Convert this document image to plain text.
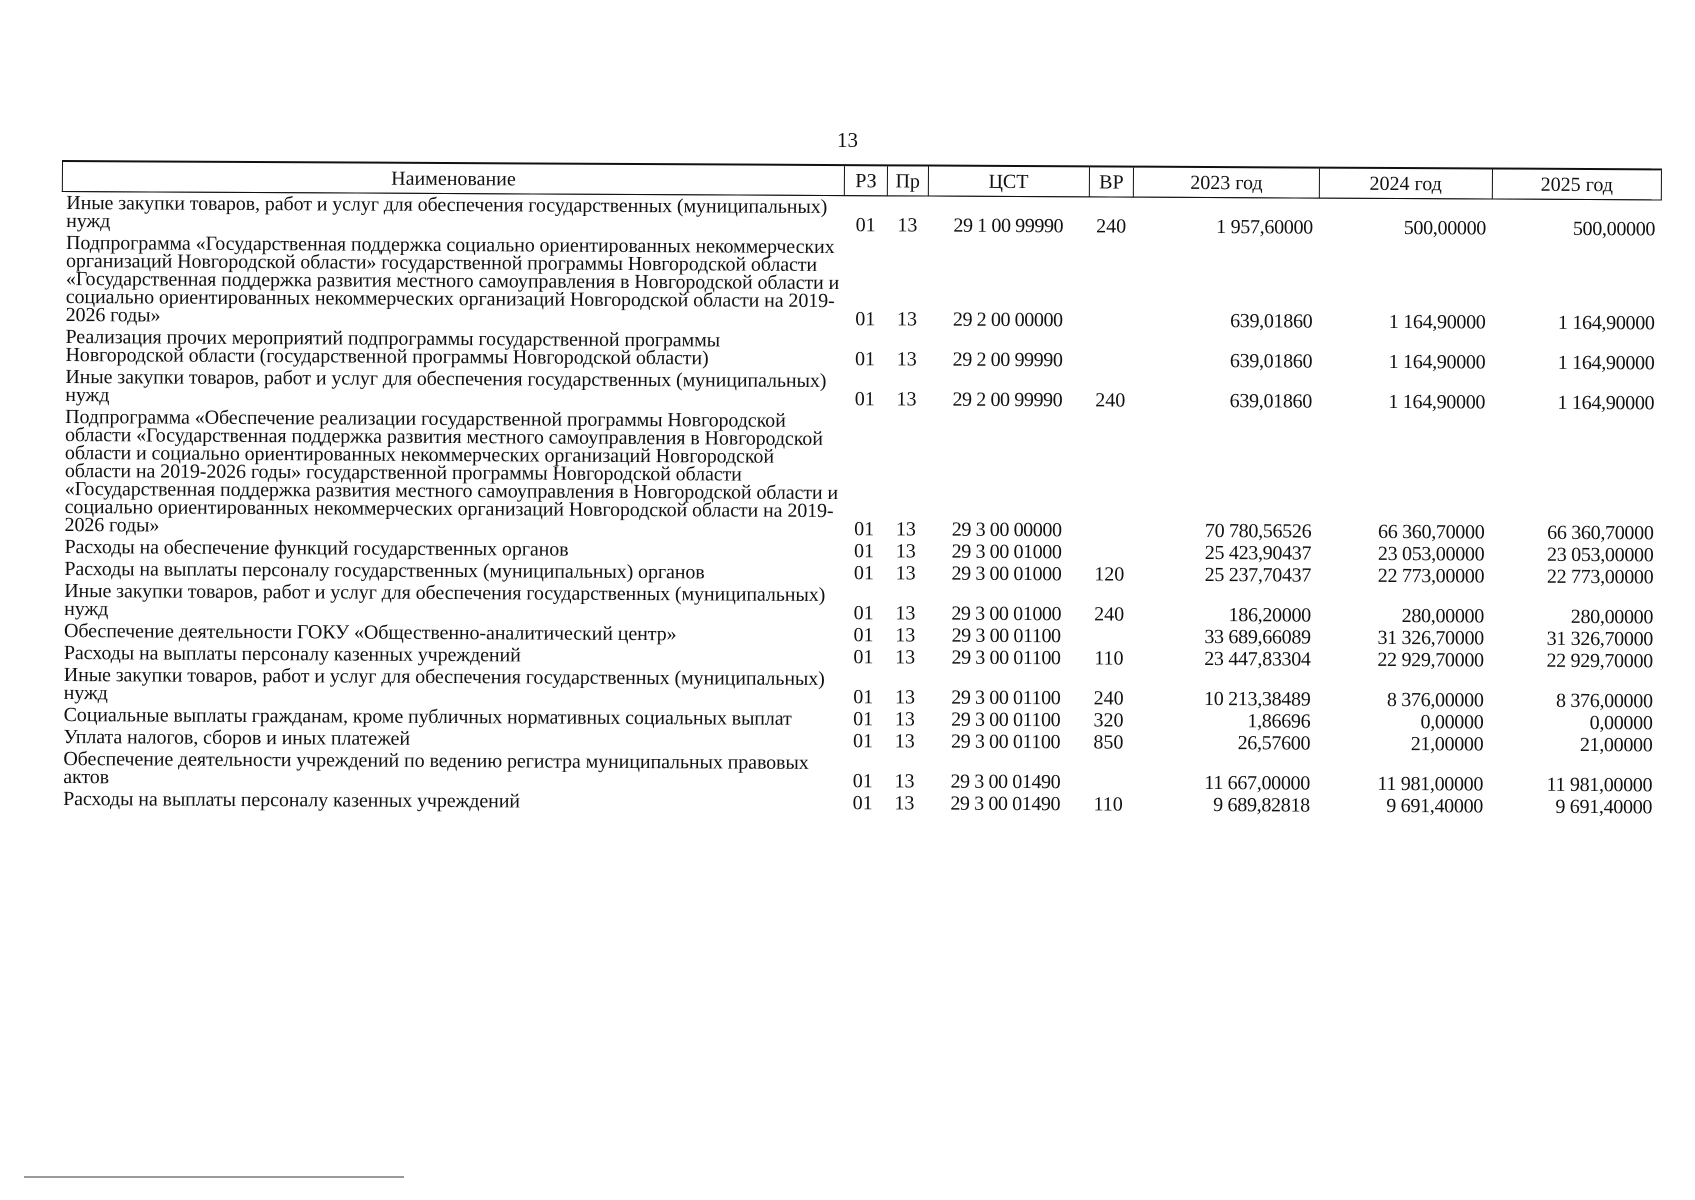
13
Наименование	РЗ	Пр	ЦСТ	ВР	2023 год	2024 год	2025 год
Иные закупки товаров, работ и услуг для обеспечения государственных (муниципальных) нужд	01	13	29 1 00 99990	240	1 957,60000	500,00000	500,00000
Подпрограмма «Государственная поддержка социально ориентированных некоммерческих организаций Новгородской области» государственной программы Новгородской области «Государственная поддержка развития местного самоуправления в Новгородской области и социально ориентированных некоммерческих организаций Новгородской области на 2019-2026 годы»	01	13	29 2 00 00000		639,01860	1 164,90000	1 164,90000
Реализация прочих мероприятий подпрограммы государственной программы Новгородской области (государственной программы Новгородской области)	01	13	29 2 00 99990		639,01860	1 164,90000	1 164,90000
Иные закупки товаров, работ и услуг для обеспечения государственных (муниципальных) нужд	01	13	29 2 00 99990	240	639,01860	1 164,90000	1 164,90000
Подпрограмма «Обеспечение реализации государственной программы Новгородской области «Государственная поддержка развития местного самоуправления в Новгородской области и социально ориентированных некоммерческих организаций Новгородской области на 2019-2026 годы» государственной программы Новгородской области «Государственная поддержка развития местного самоуправления в Новгородской области и социально ориентированных некоммерческих организаций Новгородской области на 2019-2026 годы»	01	13	29 3 00 00000		70 780,56526	66 360,70000	66 360,70000
Расходы на обеспечение функций государственных органов	01	13	29 3 00 01000		25 423,90437	23 053,00000	23 053,00000
Расходы на выплаты персоналу государственных (муниципальных) органов	01	13	29 3 00 01000	120	25 237,70437	22 773,00000	22 773,00000
Иные закупки товаров, работ и услуг для обеспечения государственных (муниципальных) нужд	01	13	29 3 00 01000	240	186,20000	280,00000	280,00000
Обеспечение деятельности ГОКУ «Общественно-аналитический центр»	01	13	29 3 00 01100		33 689,66089	31 326,70000	31 326,70000
Расходы на выплаты персоналу казенных учреждений	01	13	29 3 00 01100	110	23 447,83304	22 929,70000	22 929,70000
Иные закупки товаров, работ и услуг для обеспечения государственных (муниципальных) нужд	01	13	29 3 00 01100	240	10 213,38489	8 376,00000	8 376,00000
Социальные выплаты гражданам, кроме публичных нормативных социальных выплат	01	13	29 3 00 01100	320	1,86696	0,00000	0,00000
Уплата налогов, сборов и иных платежей	01	13	29 3 00 01100	850	26,57600	21,00000	21,00000
Обеспечение деятельности учреждений по ведению регистра муниципальных правовых актов	01	13	29 3 00 01490		11 667,00000	11 981,00000	11 981,00000
Расходы на выплаты персоналу казенных учреждений	01	13	29 3 00 01490	110	9 689,82818	9 691,40000	9 691,40000
